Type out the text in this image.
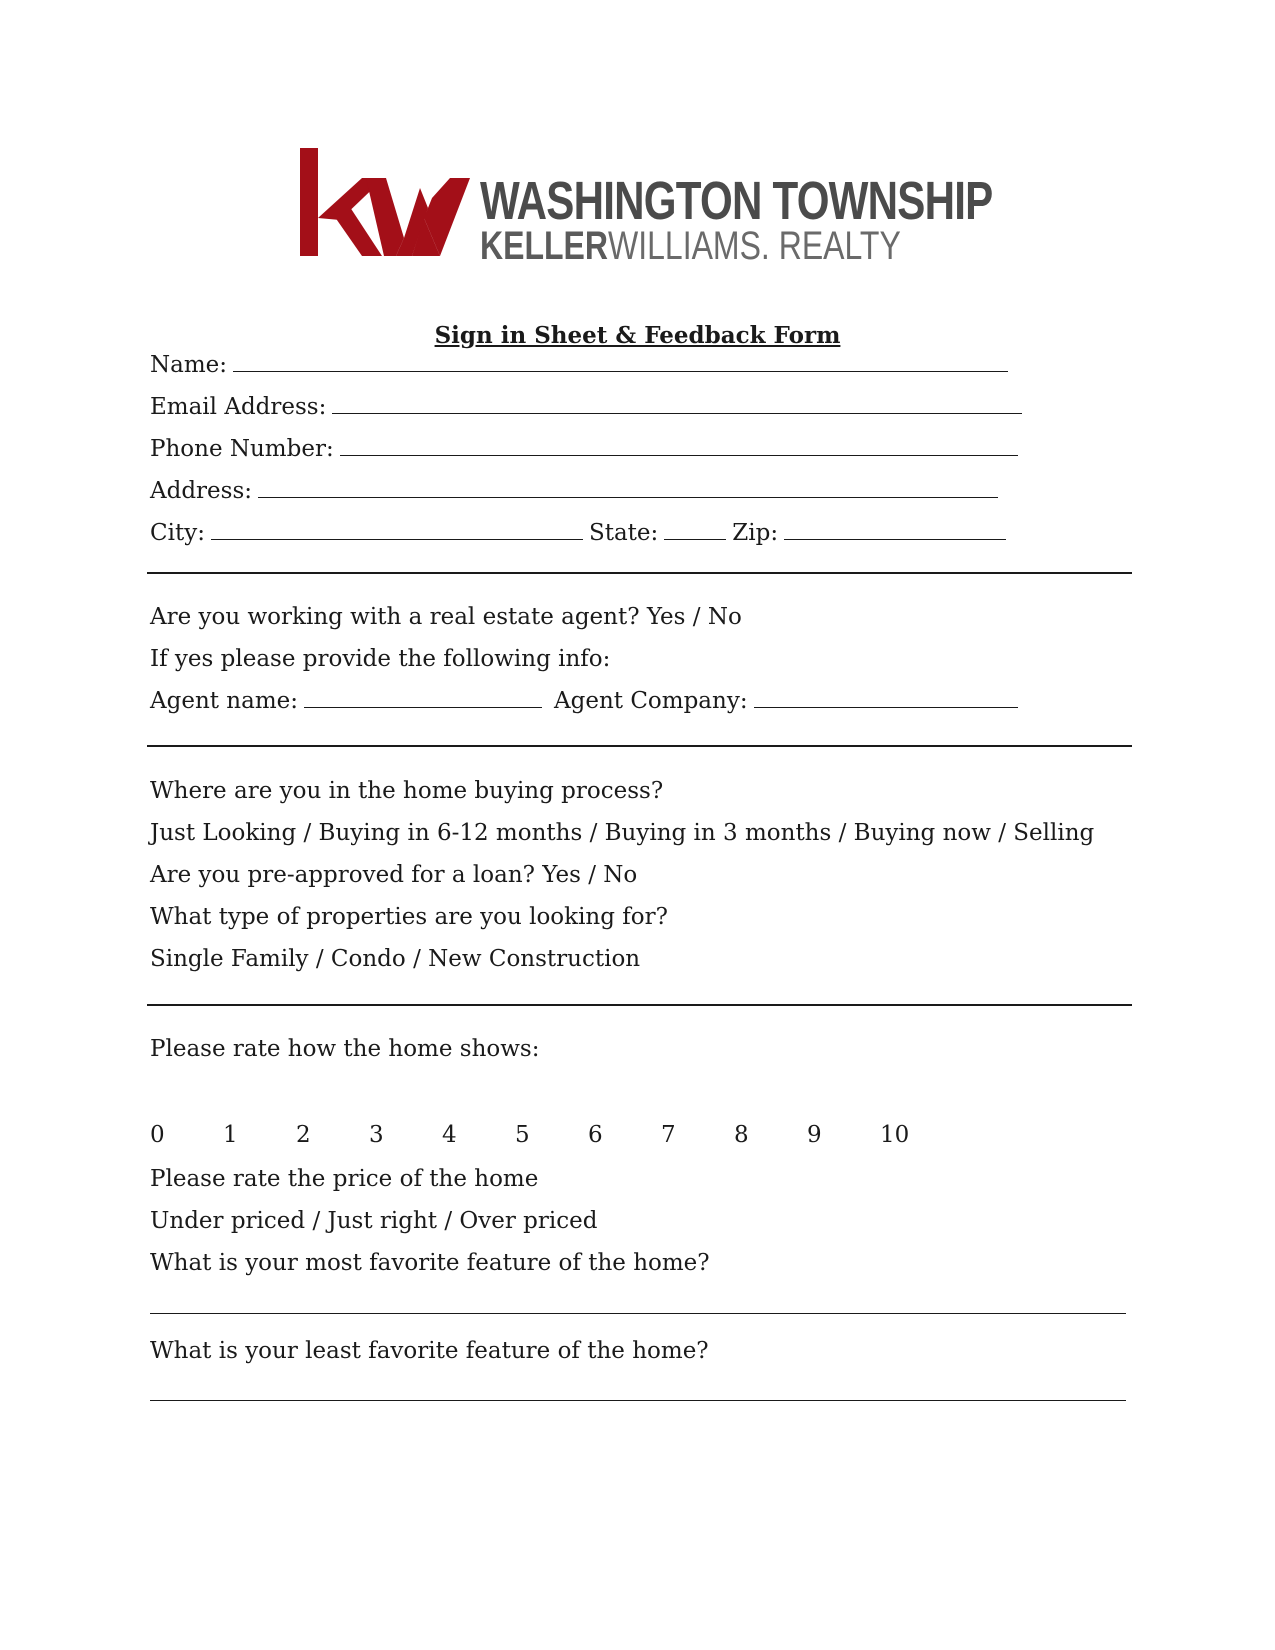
WASHINGTON TOWNSHIP
KELLERWILLIAMS. REALTY
Sign in Sheet & Feedback Form
Name:
Email Address:
Phone Number:
Address:
City:	State:	Zip:
Are you working with a real estate agent? Yes / No
If yes please provide the following info:
Agent name:	Agent Company:
Where are you in the home buying process?
Just Looking / Buying in 6-12 months / Buying in 3 months / Buying now / Selling
Are you pre-approved for a loan? Yes / No
What type of properties are you looking for?
Single Family / Condo / New Construction
Please rate how the home shows:
0	1	2	3	4	5	6	7	8	9	10
Please rate the price of the home
Under priced / Just right / Over priced
What is your most favorite feature of the home?
What is your least favorite feature of the home?
